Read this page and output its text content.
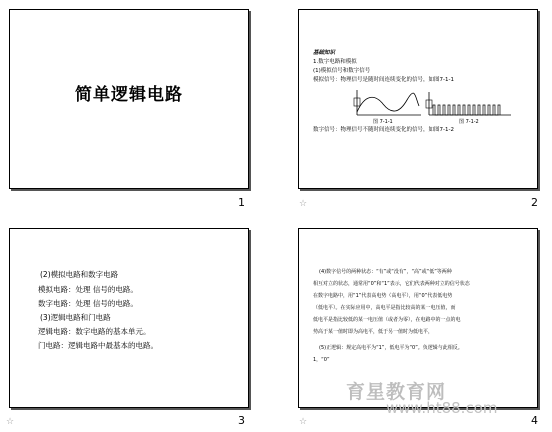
简单逻辑电路
1
基础知识
1.数字电路和模拟
(1)模拟信号和数字信号
模拟信号：物理信号是随时间连续变化的信号，如图7-1-1
图 7-1-1	图 7-1-2
数字信号：物理信号不随时间连续变化的信号，如图7-1-2
2
☆
(2)模拟电路和数字电路
模拟电路：处理 信号的电路。
数字电路：处理 信号的电路。
(3)逻辑电路和门电路
逻辑电路：数字电路的基本单元。
门电路：逻辑电路中最基本的电路。
3
☆
(4)数字信号的两种状态：“有”或“没有”，“高”或“低”等两种
相互对立的状态，通常用“0”和“1”表示，它们代表两种对立的信号状态
在数字电路中，用“1”代表高电势（高电平），用“0”代表低电势
（低电平）。在实际应用中，高电平是指比较高的某一电压值，而
低电平是指比较低的某一电压值（或者为零），在电路中的一点的电
势高于某一值时即为高电平，低于另一值时为低电平，
(5)正逻辑：规定高电平为“1”，低电平为“0”。负逻辑与此相反。
1，“0”
4
☆
育星教育网
www.ht88.com
